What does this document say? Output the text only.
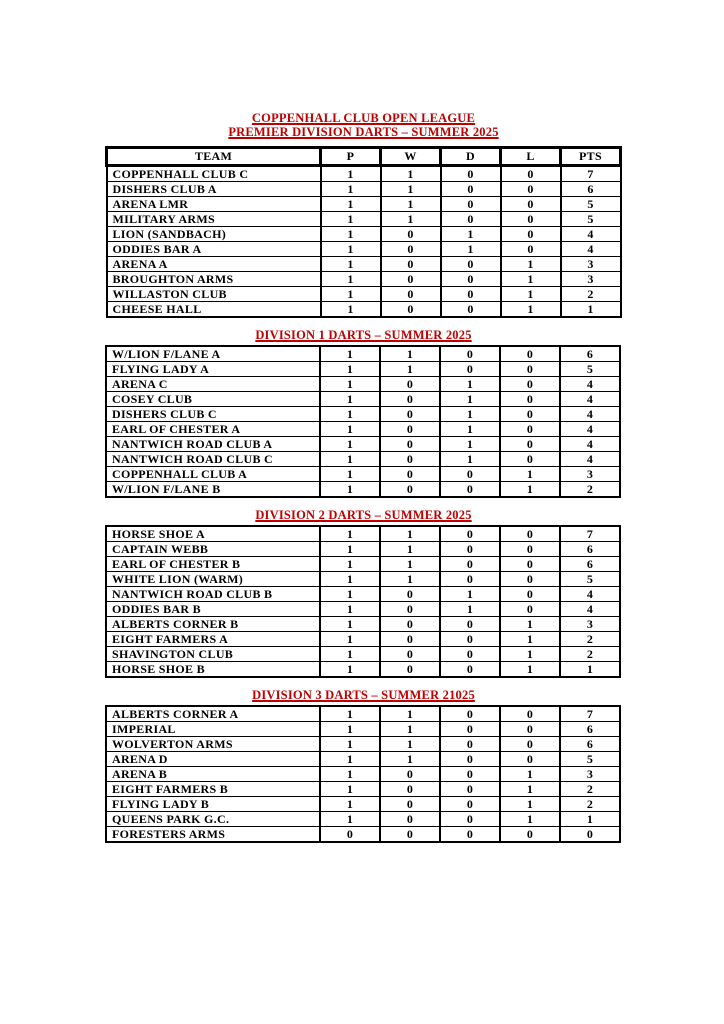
COPPENHALL CLUB OPEN LEAGUE
PREMIER DIVISION DARTS – SUMMER 2025
TEAM	P	W	D	L	PTS
COPPENHALL CLUB C	1	1	0	0	7
DISHERS CLUB A	1	1	0	0	6
ARENA LMR	1	1	0	0	5
MILITARY ARMS	1	1	0	0	5
LION (SANDBACH)	1	0	1	0	4
ODDIES BAR A	1	0	1	0	4
ARENA A	1	0	0	1	3
BROUGHTON ARMS	1	0	0	1	3
WILLASTON CLUB	1	0	0	1	2
CHEESE HALL	1	0	0	1	1
DIVISION 1 DARTS – SUMMER 2025
W/LION F/LANE A	1	1	0	0	6
FLYING LADY A	1	1	0	0	5
ARENA C	1	0	1	0	4
COSEY CLUB	1	0	1	0	4
DISHERS CLUB C	1	0	1	0	4
EARL OF CHESTER A	1	0	1	0	4
NANTWICH ROAD CLUB A	1	0	1	0	4
NANTWICH ROAD CLUB C	1	0	1	0	4
COPPENHALL CLUB A	1	0	0	1	3
W/LION F/LANE B	1	0	0	1	2
DIVISION 2 DARTS – SUMMER 2025
HORSE SHOE A	1	1	0	0	7
CAPTAIN WEBB	1	1	0	0	6
EARL OF CHESTER B	1	1	0	0	6
WHITE LION (WARM)	1	1	0	0	5
NANTWICH ROAD CLUB B	1	0	1	0	4
ODDIES BAR B	1	0	1	0	4
ALBERTS CORNER B	1	0	0	1	3
EIGHT FARMERS A	1	0	0	1	2
SHAVINGTON CLUB	1	0	0	1	2
HORSE SHOE B	1	0	0	1	1
DIVISION 3 DARTS – SUMMER 21025
ALBERTS CORNER A	1	1	0	0	7
IMPERIAL	1	1	0	0	6
WOLVERTON ARMS	1	1	0	0	6
ARENA D	1	1	0	0	5
ARENA B	1	0	0	1	3
EIGHT FARMERS B	1	0	0	1	2
FLYING LADY B	1	0	0	1	2
QUEENS PARK G.C.	1	0	0	1	1
FORESTERS ARMS	0	0	0	0	0
